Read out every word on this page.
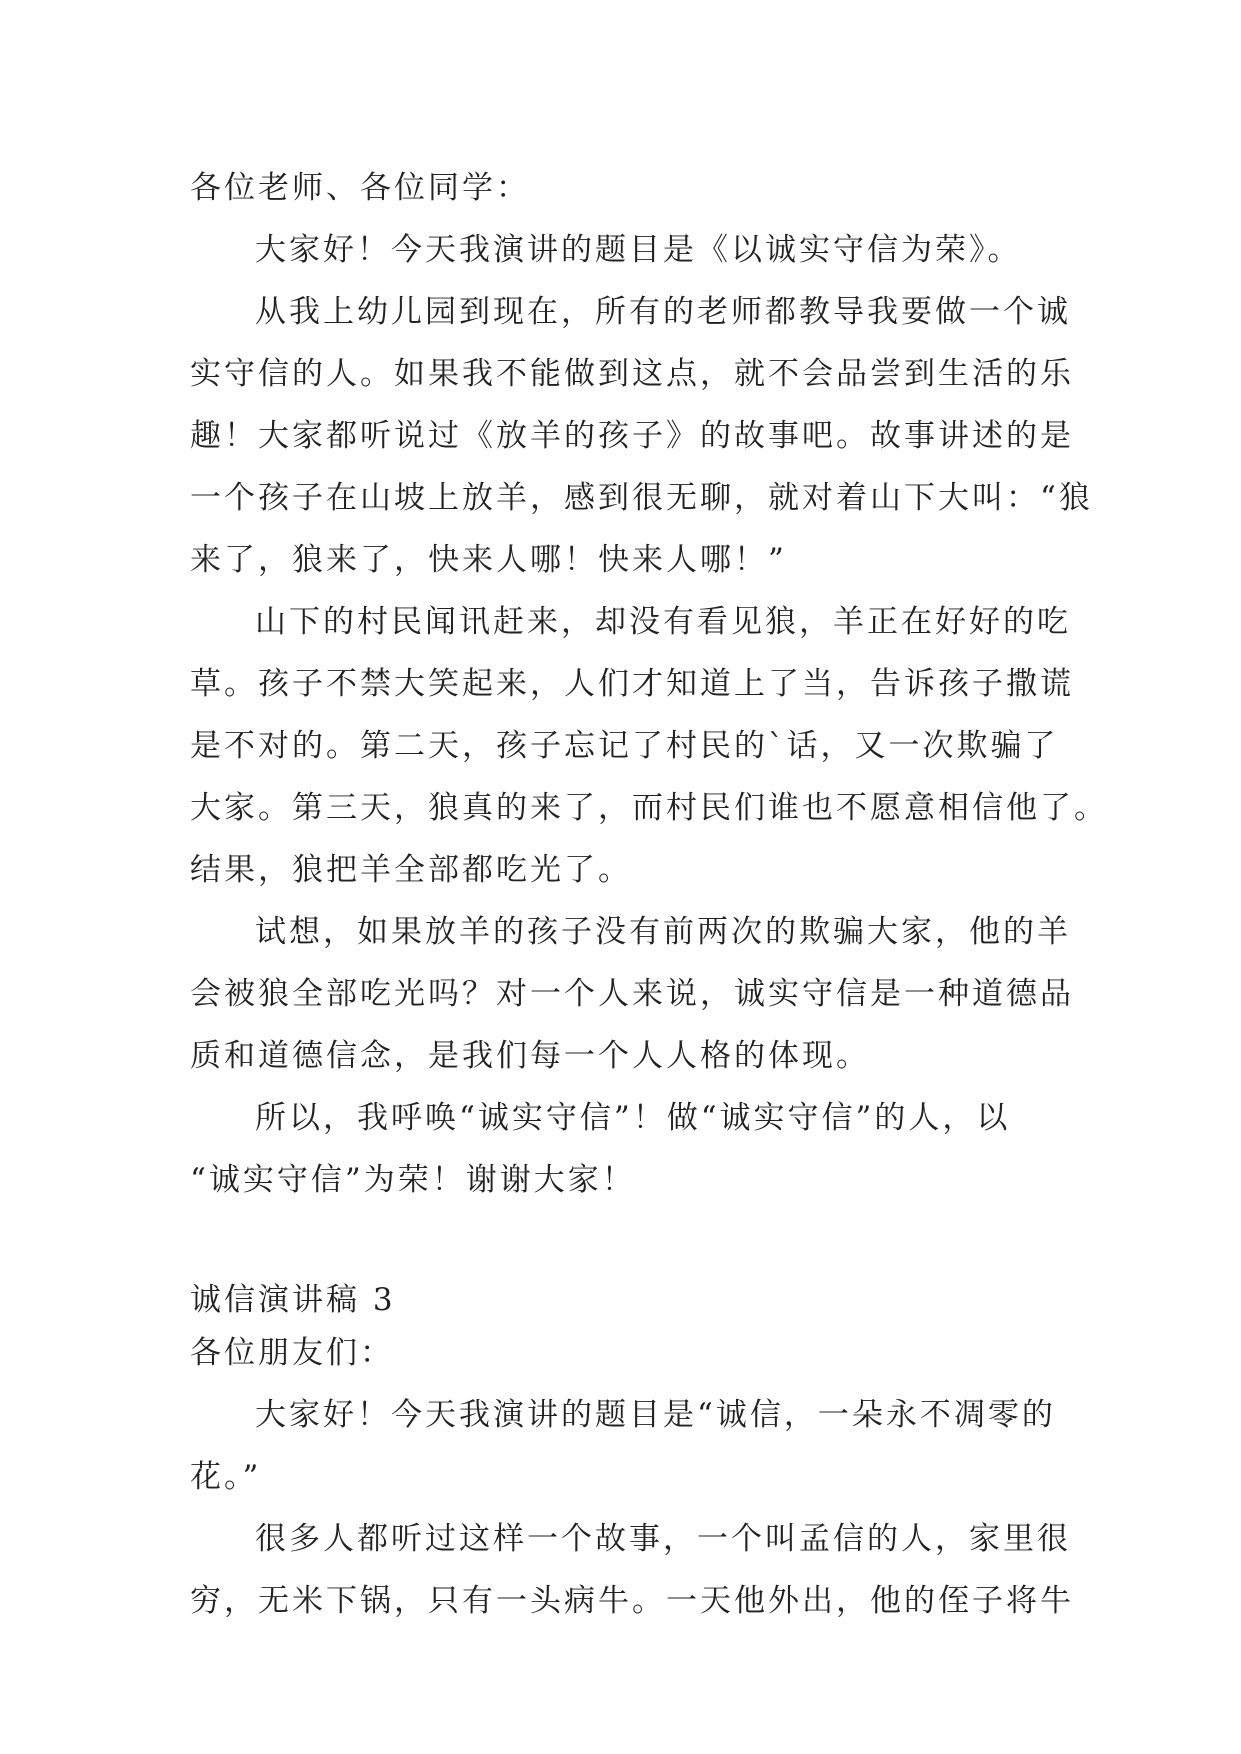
各位老师、各位同学：
大家好！今天我演讲的题目是《以诚实守信为荣》。
从我上幼儿园到现在，所有的老师都教导我要做一个诚
实守信的人。如果我不能做到这点，就不会品尝到生活的乐
趣！大家都听说过《放羊的孩子》的故事吧。故事讲述的是
一个孩子在山坡上放羊，感到很无聊，就对着山下大叫：“狼
来了，狼来了，快来人哪！快来人哪！”
山下的村民闻讯赶来，却没有看见狼，羊正在好好的吃
草。孩子不禁大笑起来，人们才知道上了当，告诉孩子撒谎
是不对的。第二天，孩子忘记了村民的`话，又一次欺骗了
大家。第三天，狼真的来了，而村民们谁也不愿意相信他了。
结果，狼把羊全部都吃光了。
试想，如果放羊的孩子没有前两次的欺骗大家，他的羊
会被狼全部吃光吗？对一个人来说，诚实守信是一种道德品
质和道德信念，是我们每一个人人格的体现。
所以，我呼唤“诚实守信”！做“诚实守信”的人，以
“诚实守信”为荣！谢谢大家！
诚信演讲稿 3
各位朋友们：
大家好！今天我演讲的题目是“诚信，一朵永不凋零的
花。”
很多人都听过这样一个故事，一个叫孟信的人，家里很
穷，无米下锅，只有一头病牛。一天他外出，他的侄子将牛
